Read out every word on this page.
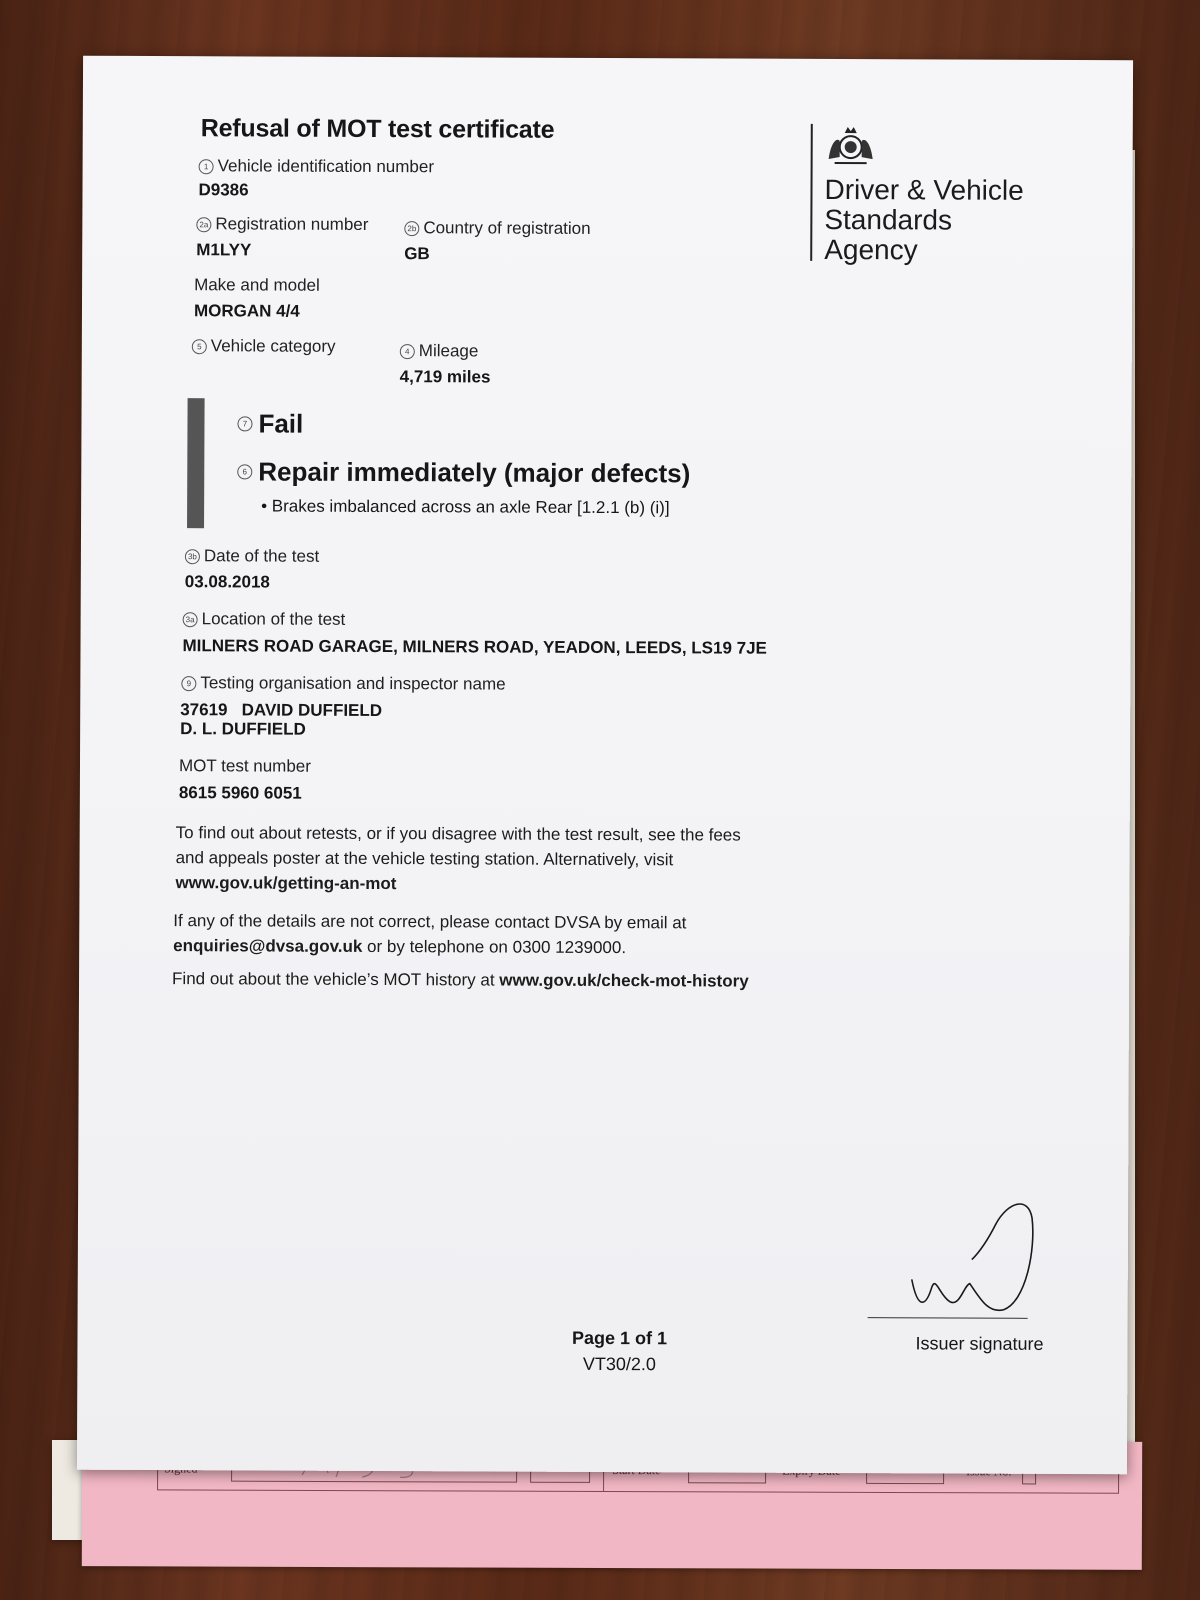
Refusal of MOT test certificate
Driver & Vehicle
Standards
Agency
1 Vehicle identification number
D9386
2a Registration number
M1LYY
2b Country of registration
GB
Make and model
MORGAN 4/4
5 Vehicle category	4 Mileage
4,719 miles
7 Fail
6 Repair immediately (major defects)
• Brakes imbalanced across an axle Rear [1.2.1 (b) (i)]
3b Date of the test
03.08.2018
3a Location of the test
MILNERS ROAD GARAGE, MILNERS ROAD, YEADON, LEEDS, LS19 7JE
9 Testing organisation and inspector name
37619   DAVID DUFFIELD
D. L. DUFFIELD
MOT test number
8615 5960 6051
To find out about retests, or if you disagree with the test result, see the fees
and appeals poster at the vehicle testing station. Alternatively, visit
www.gov.uk/getting-an-mot
If any of the details are not correct, please contact DVSA by email at
enquiries@dvsa.gov.uk or by telephone on 0300 1239000.
Find out about the vehicle’s MOT history at www.gov.uk/check-mot-history
Page 1 of 1
VT30/2.0
Issuer signature
